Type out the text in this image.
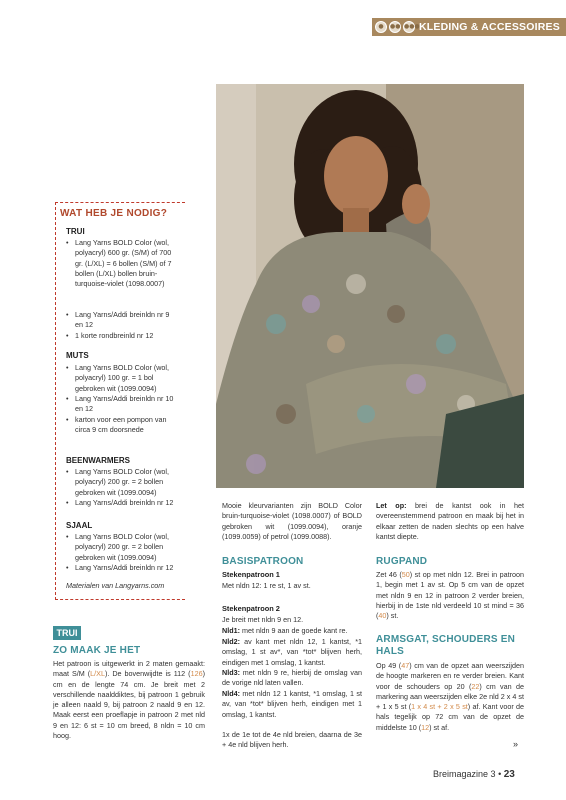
●	●● ●●● KLEDING & ACCESSOIRES
WAT HEB JE NODIG?
TRUI
• Lang Yarns BOLD Color (wol, polyacryl) 600 gr. (S/M) of 700 gr. (L/XL) = 6 bollen (S/M) of 7 bollen (L/XL) bollen bruin-turquoise-violet (1098.0007)
• Lang Yarns/Addi breinldn nr 9 en 12
• 1 korte rondbreinld nr 12
MUTS
• Lang Yarns BOLD Color (wol, polyacryl) 100 gr. = 1 bol gebroken wit (1099.0094)
• Lang Yarns/Addi breinldn nr 10 en 12
• karton voor een pompon van circa 9 cm doorsnede
BEENWARMERS
• Lang Yarns BOLD Color (wol, polyacryl) 200 gr. = 2 bollen gebroken wit (1099.0094)
• Lang Yarns/Addi breinldn nr 12
SJAAL
• Lang Yarns BOLD Color (wol, polyacryl) 200 gr. = 2 bollen gebroken wit (1099.0094)
• Lang Yarns/Addi breinldn nr 12
Materialen van Langyarns.com
TRUI
ZO MAAK JE HET
Het patroon is uitgewerkt in 2 maten gemaakt: maat S/M (L/XL). De bovenwijdte is 112 (126) cm en de lengte 74 cm. Je breit met 2 verschillende naalddiktes, bij patroon 1 gebruik je alleen naald 9, bij patroon 2 naald 9 en 12. Maak eerst een proeflapje in patroon 2 met nld 9 en 12: 6 st = 10 cm breed, 8 nldn = 10 cm hoog.
Mooie kleurvarianten zijn BOLD Color bruin-turquoise-violet (1098.0007) of BOLD gebroken wit (1099.0094), oranje (1099.0059) of petrol (1099.0088).
BASISPATROON
Stekenpatroon 1
Met nldn 12: 1 re st, 1 av st.
Stekenpatroon 2
Je breit met nldn 9 en 12.
Nld1: met nldn 9 aan de goede kant re.
Nld2: av kant met nldn 12, 1 kantst, *1 omslag, 1 st av*, van *tot* blijven herh, eindigen met 1 omslag, 1 kantst.
Nld3: met nldn 9 re, hierbij de omslag van de vorige nld laten vallen.
Nld4: met nldn 12 1 kantst, *1 omslag, 1 st av, van *tot* blijven herh, eindigen met 1 omslag, 1 kantst.
1x de 1e tot de 4e nld breien, daarna de 3e + 4e nld blijven herh.
Let op: brei de kantst ook in het overeenstemmend patroon en maak bij het in elkaar zetten de naden slechts op een halve kantst diepte.
RUGPAND
Zet 46 (50) st op met nldn 12. Brei in patroon 1, begin met 1 av st. Op 5 cm van de opzet met nldn 9 en 12 in patroon 2 verder breien, hierbij in de 1ste nld verdeeld 10 st mind = 36 (40) st.
ARMSGAT, SCHOUDERS EN HALS
Op 49 (47) cm van de opzet aan weerszijden de hoogte markeren en re verder breien. Kant voor de schouders op 20 (22) cm van de markering aan weerszijden elke 2e nld 2 x 4 st + 1 x 5 st (1 x 4 st + 2 x 5 st) af. Kant voor de hals tegelijk op 72 cm van de opzet de middelste 10 (12) st af.
»
Breimagazine 3 • 23
